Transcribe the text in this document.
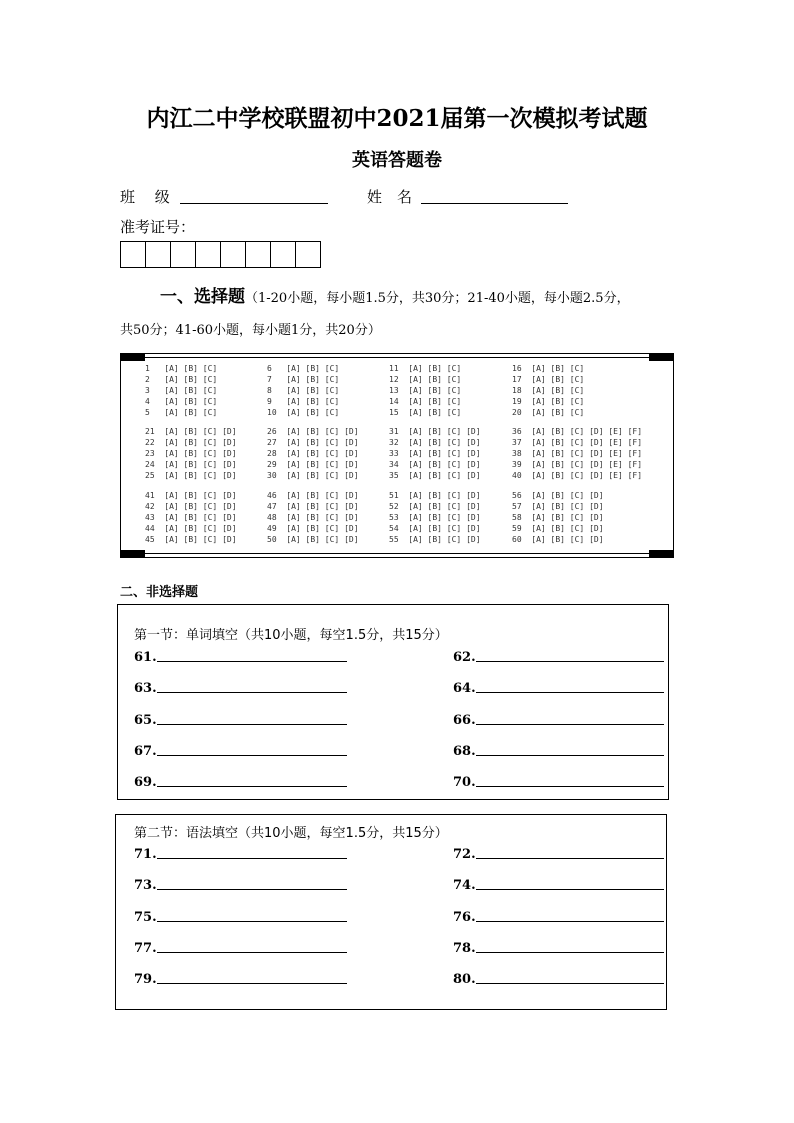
内江二中学校联盟初中2021届第一次模拟考试题
英语答题卷
班　 级	姓　名
准考证号：
一、选择题（1-20小题，每小题1.5分，共30分；21-40小题，每小题2.5分，
共50分；41-60小题，每小题1分，共20分）
1   [A] [B] [C]
2   [A] [B] [C]
3   [A] [B] [C]
4   [A] [B] [C]
5   [A] [B] [C]
6   [A] [B] [C]
7   [A] [B] [C]
8   [A] [B] [C]
9   [A] [B] [C]
10  [A] [B] [C]
11  [A] [B] [C]
12  [A] [B] [C]
13  [A] [B] [C]
14  [A] [B] [C]
15  [A] [B] [C]
16  [A] [B] [C]
17  [A] [B] [C]
18  [A] [B] [C]
19  [A] [B] [C]
20  [A] [B] [C]
21  [A] [B] [C] [D]
22  [A] [B] [C] [D]
23  [A] [B] [C] [D]
24  [A] [B] [C] [D]
25  [A] [B] [C] [D]
26  [A] [B] [C] [D]
27  [A] [B] [C] [D]
28  [A] [B] [C] [D]
29  [A] [B] [C] [D]
30  [A] [B] [C] [D]
31  [A] [B] [C] [D]
32  [A] [B] [C] [D]
33  [A] [B] [C] [D]
34  [A] [B] [C] [D]
35  [A] [B] [C] [D]
36  [A] [B] [C] [D] [E] [F]
37  [A] [B] [C] [D] [E] [F]
38  [A] [B] [C] [D] [E] [F]
39  [A] [B] [C] [D] [E] [F]
40  [A] [B] [C] [D] [E] [F]
41  [A] [B] [C] [D]
42  [A] [B] [C] [D]
43  [A] [B] [C] [D]
44  [A] [B] [C] [D]
45  [A] [B] [C] [D]
46  [A] [B] [C] [D]
47  [A] [B] [C] [D]
48  [A] [B] [C] [D]
49  [A] [B] [C] [D]
50  [A] [B] [C] [D]
51  [A] [B] [C] [D]
52  [A] [B] [C] [D]
53  [A] [B] [C] [D]
54  [A] [B] [C] [D]
55  [A] [B] [C] [D]
56  [A] [B] [C] [D]
57  [A] [B] [C] [D]
58  [A] [B] [C] [D]
59  [A] [B] [C] [D]
60  [A] [B] [C] [D]
二、非选择题
第一节：单词填空（共10小题，每空1.5分，共15分）
61.	62.
63.	64.
65.	66.
67.	68.
69.	70.
第二节：语法填空（共10小题，每空1.5分，共15分）
71.	72.
73.	74.
75.	76.
77.	78.
79.	80.
